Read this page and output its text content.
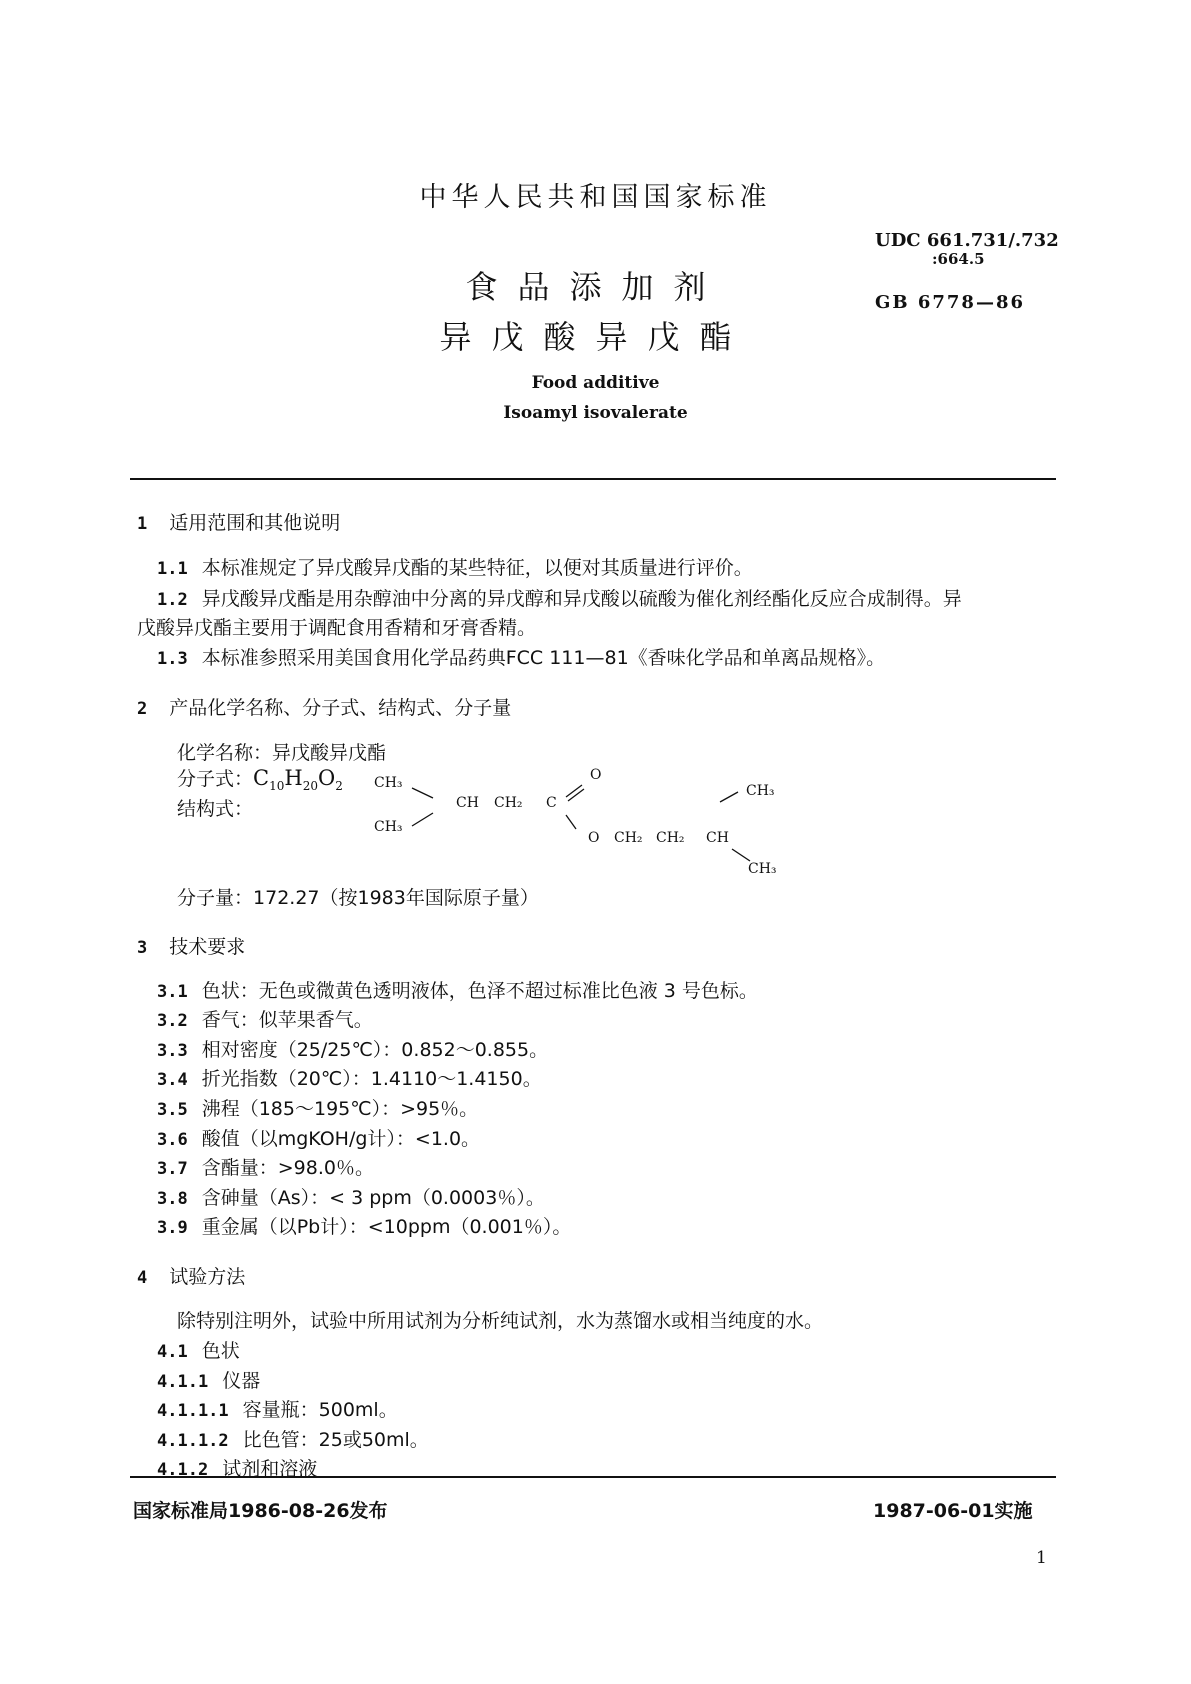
中华人民共和国国家标准
UDC 661.731/.732
:664.5
GB 6778—86
食品添加剂
异戊酸异戊酯
Food additive
Isoamyl isovalerate
1 适用范围和其他说明
1.1 本标准规定了异戊酸异戊酯的某些特征，以便对其质量进行评价。
1.2 异戊酸异戊酯是用杂醇油中分离的异戊醇和异戊酸以硫酸为催化剂经酯化反应合成制得。异
戊酸异戊酯主要用于调配食用香精和牙膏香精。
1.3 本标准参照采用美国食用化学品药典FCC 111—81《香味化学品和单离品规格》。
2 产品化学名称、分子式、结构式、分子量
化学名称：异戊酸异戊酯
分子式：$C_{10}H_{20}O_2$
结构式：
CH₃
CH₃
CH CH₂ C
O
O CH₂ CH₂ CH
CH₃
CH₃
分子量：172.27（按1983年国际原子量）
3 技术要求
3.1 色状：无色或微黄色透明液体，色泽不超过标准比色液 3 号色标。
3.2 香气：似苹果香气。
3.3 相对密度（25/25℃）：0.852～0.855。
3.4 折光指数（20℃）：1.4110～1.4150。
3.5 沸程（185～195℃）：>95％。
3.6 酸值（以mgKOH/g计）：<1.0。
3.7 含酯量：>98.0％。
3.8 含砷量（As）：< 3 ppm（0.0003％）。
3.9 重金属（以Pb计）：<10ppm（0.001％）。
4 试验方法
除特别注明外，试验中所用试剂为分析纯试剂，水为蒸馏水或相当纯度的水。
4.1 色状
4.1.1 仪器
4.1.1.1 容量瓶：500ml。
4.1.1.2 比色管：25或50ml。
4.1.2 试剂和溶液
国家标准局1986-08-26发布	1987-06-01实施
1
